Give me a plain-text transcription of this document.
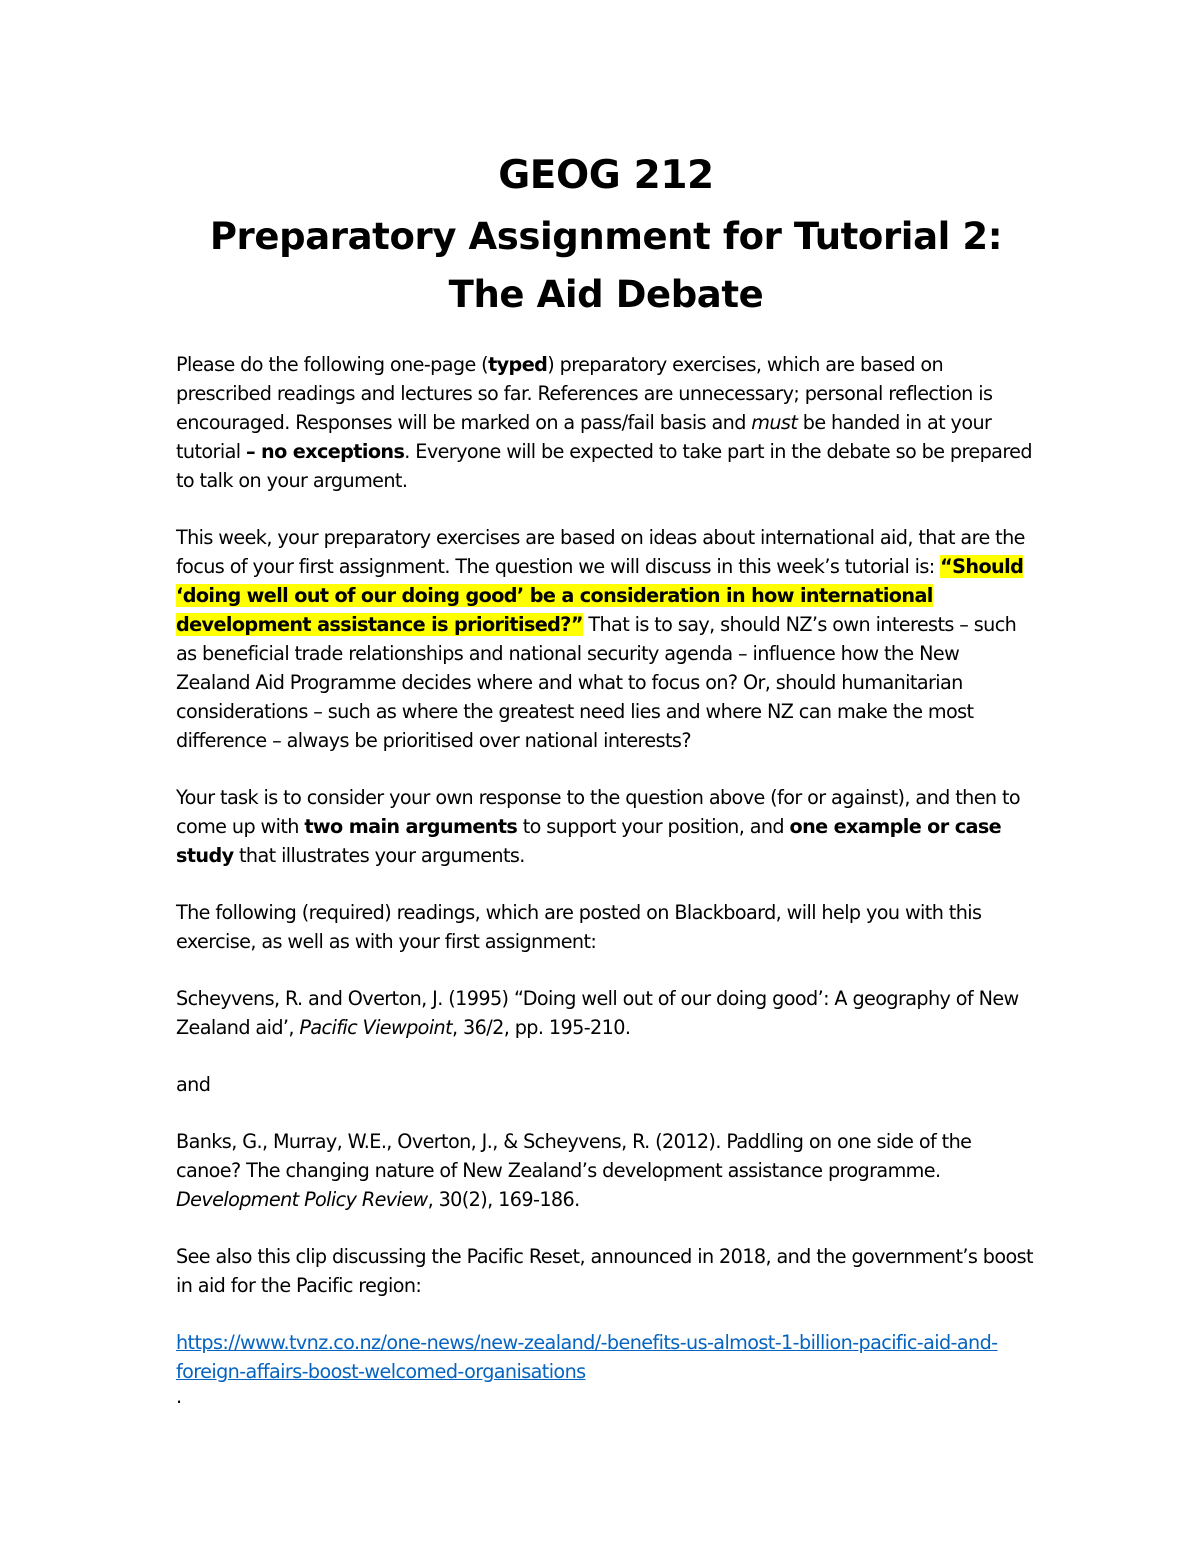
GEOG 212
Preparatory Assignment for Tutorial 2: The Aid Debate

Please do the following one-page (typed) preparatory exercises, which are based on prescribed readings and lectures so far. References are unnecessary; personal reflection is encouraged. Responses will be marked on a pass/fail basis and must be handed in at your tutorial – no exceptions. Everyone will be expected to take part in the debate so be prepared to talk on your argument.

This week, your preparatory exercises are based on ideas about international aid, that are the focus of your first assignment. The question we will discuss in this week’s tutorial is: “Should ‘doing well out of our doing good’ be a consideration in how international development assistance is prioritised?” That is to say, should NZ’s own interests – such as beneficial trade relationships and national security agenda – influence how the New Zealand Aid Programme decides where and what to focus on? Or, should humanitarian considerations – such as where the greatest need lies and where NZ can make the most difference – always be prioritised over national interests?

Your task is to consider your own response to the question above (for or against), and then to come up with two main arguments to support your position, and one example or case study that illustrates your arguments.

The following (required) readings, which are posted on Blackboard, will help you with this exercise, as well as with your first assignment:

Scheyvens, R. and Overton, J. (1995) “Doing well out of our doing good’: A geography of New Zealand aid’, Pacific Viewpoint, 36/2, pp. 195-210.

and

Banks, G., Murray, W.E., Overton, J., & Scheyvens, R. (2012). Paddling on one side of the canoe? The changing nature of New Zealand’s development assistance programme. Development Policy Review, 30(2), 169-186.

See also this clip discussing the Pacific Reset, announced in 2018, and the government’s boost in aid for the Pacific region:

https://www.tvnz.co.nz/one-news/new-zealand/-benefits-us-almost-1-billion-pacific-aid-and-foreign-affairs-boost-welcomed-organisations

.
